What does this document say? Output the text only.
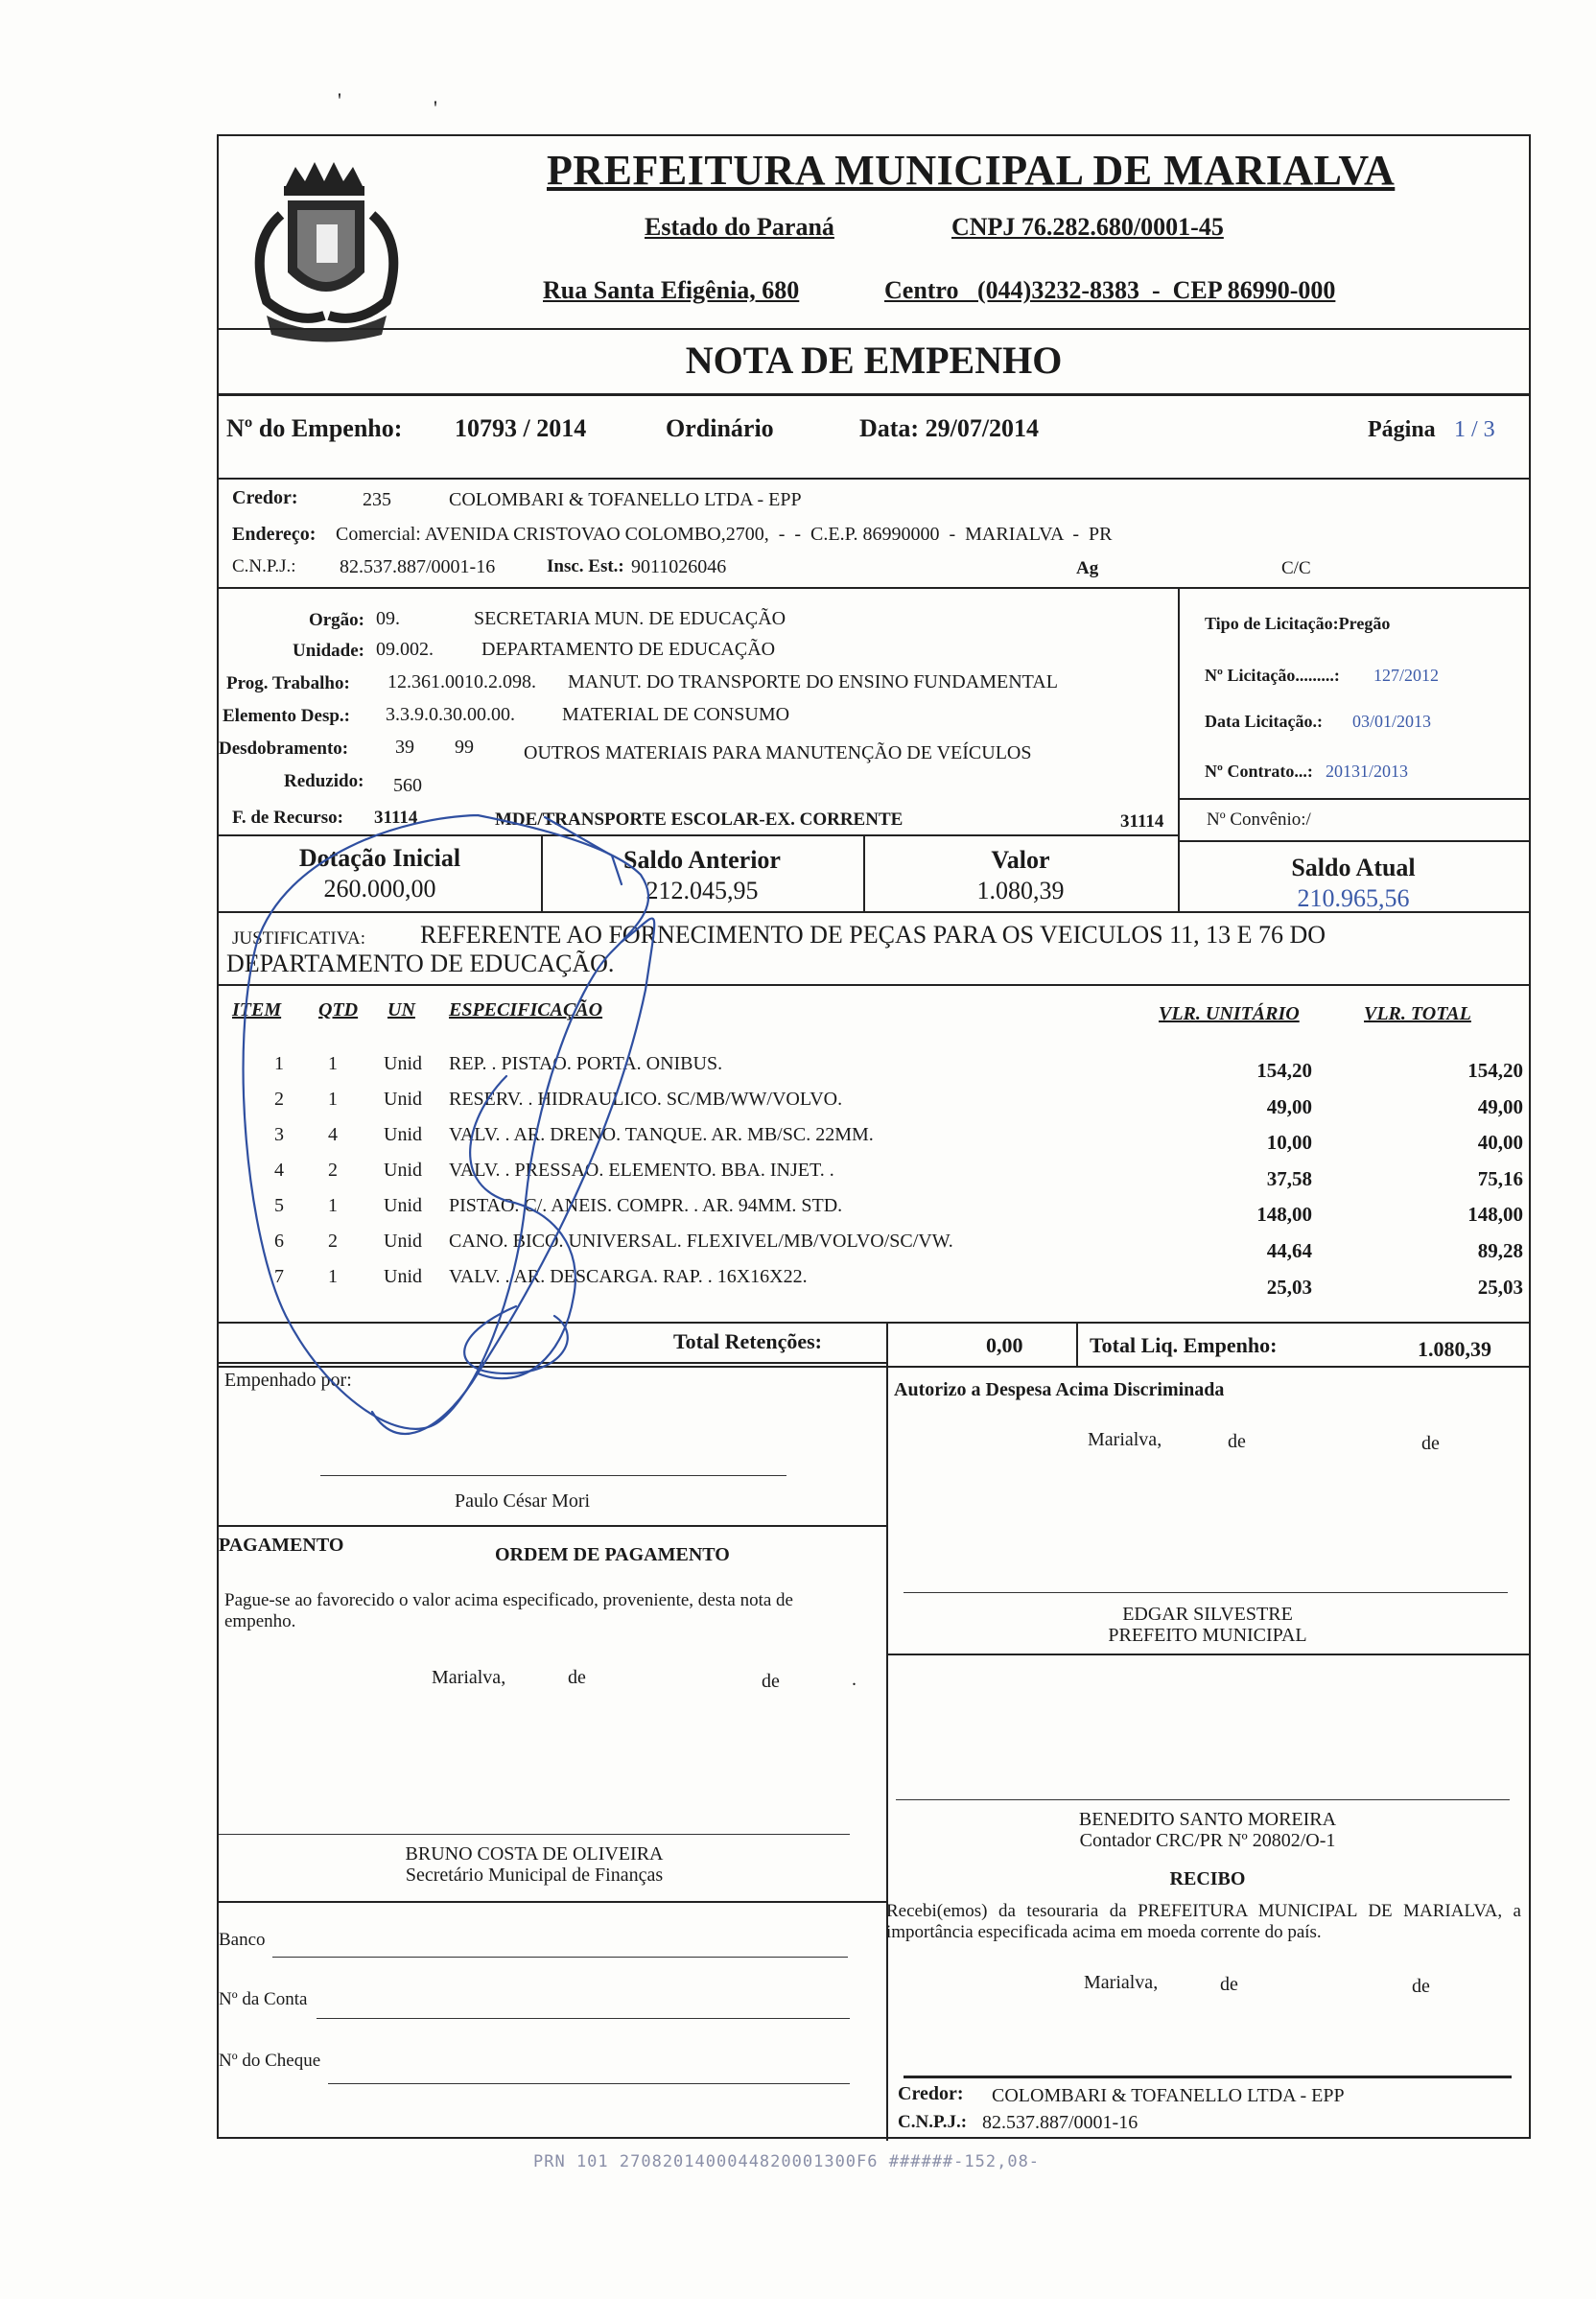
'	'
PREFEITURA MUNICIPAL DE MARIALVA
Estado do Paraná	CNPJ 76.282.680/0001-45
Rua Santa Efigênia, 680	Centro   (044)3232-8383  -  CEP 86990-000
NOTA DE EMPENHO
Nº do Empenho: 10793 / 2014	Ordinário	Data: 29/07/2014	Página 1 / 3
Credor:	235	COLOMBARI & TOFANELLO LTDA - EPP
Endereço: Comercial: AVENIDA CRISTOVAO COLOMBO,2700,  -  -  C.E.P. 86990000  -  MARIALVA  -  PR
C.N.P.J.: 82.537.887/0001-16	Insc. Est.: 9011026046	Ag	C/C
Orgão: 09.	SECRETARIA MUN. DE EDUCAÇÃO
Unidade: 09.002.	DEPARTAMENTO DE EDUCAÇÃO
Prog. Trabalho: 12.361.0010.2.098. MANUT. DO TRANSPORTE DO ENSINO FUNDAMENTAL
Elemento Desp.: 3.3.9.0.30.00.00. MATERIAL DE CONSUMO
Desdobramento: 39 99	OUTROS MATERIAIS PARA MANUTENÇÃO DE VEÍCULOS
Reduzido: 560
F. de Recurso: 31114	MDE/TRANSPORTE ESCOLAR-EX. CORRENTE	31114
Tipo de Licitação:Pregão
Nº Licitação.........: 127/2012
Data Licitação.: 03/01/2013
Nº Contrato...: 20131/2013
Nº Convênio:/
Dotação Inicial
260.000,00
Saldo Anterior
212.045,95
Valor
1.080,39
Saldo Atual
210.965,56
JUSTIFICATIVA: REFERENTE AO FORNECIMENTO DE PEÇAS PARA OS VEICULOS 11, 13 E 76 DO
DEPARTAMENTO DE EDUCAÇÃO.
ITEM QTD UN ESPECIFICAÇÃO	VLR. UNITÁRIO	VLR. TOTAL
1 1 Unid REP. . PISTAO. PORTA. ONIBUS.	154,20	154,20
2 1 Unid RESERV. . HIDRAULICO. SC/MB/WW/VOLVO.	49,00	49,00
3 4 Unid VALV. . AR. DRENO. TANQUE. AR. MB/SC. 22MM.	10,00	40,00
4 2 Unid VALV. . PRESSAO. ELEMENTO. BBA. INJET. .	37,58	75,16
5 1 Unid PISTAO. C/. ANEIS. COMPR. . AR. 94MM. STD.	148,00	148,00
6 2 Unid CANO. BICO. UNIVERSAL. FLEXIVEL/MB/VOLVO/SC/VW.	44,64	89,28
7 1 Unid VALV. . AR. DESCARGA. RAP. . 16X16X22.	25,03	25,03
Total Retenções:	0,00	Total Liq. Empenho:	1.080,39
Empenhado por:
Paulo César Mori
Autorizo a Despesa Acima Discriminada
Marialva,	de	de
PAGAMENTO	ORDEM DE PAGAMENTO
Pague-se ao favorecido o valor acima especificado, proveniente, desta nota de empenho.
Marialva,	de	de	.
EDGAR SILVESTRE
PREFEITO MUNICIPAL
BENEDITO SANTO MOREIRA
Contador CRC/PR Nº 20802/O-1
BRUNO COSTA DE OLIVEIRA
Secretário Municipal de Finanças	RECIBO
Recebi(emos) da tesouraria da PREFEITURA MUNICIPAL DE MARIALVA, a importância especificada acima em moeda corrente do país.
Marialva,	de	de
Banco
Nº da Conta
Nº do Cheque
Credor: COLOMBARI & TOFANELLO LTDA - EPP
C.N.P.J.: 82.537.887/0001-16
PRN 101 2708201400044820001300F6 ######-152,08-
